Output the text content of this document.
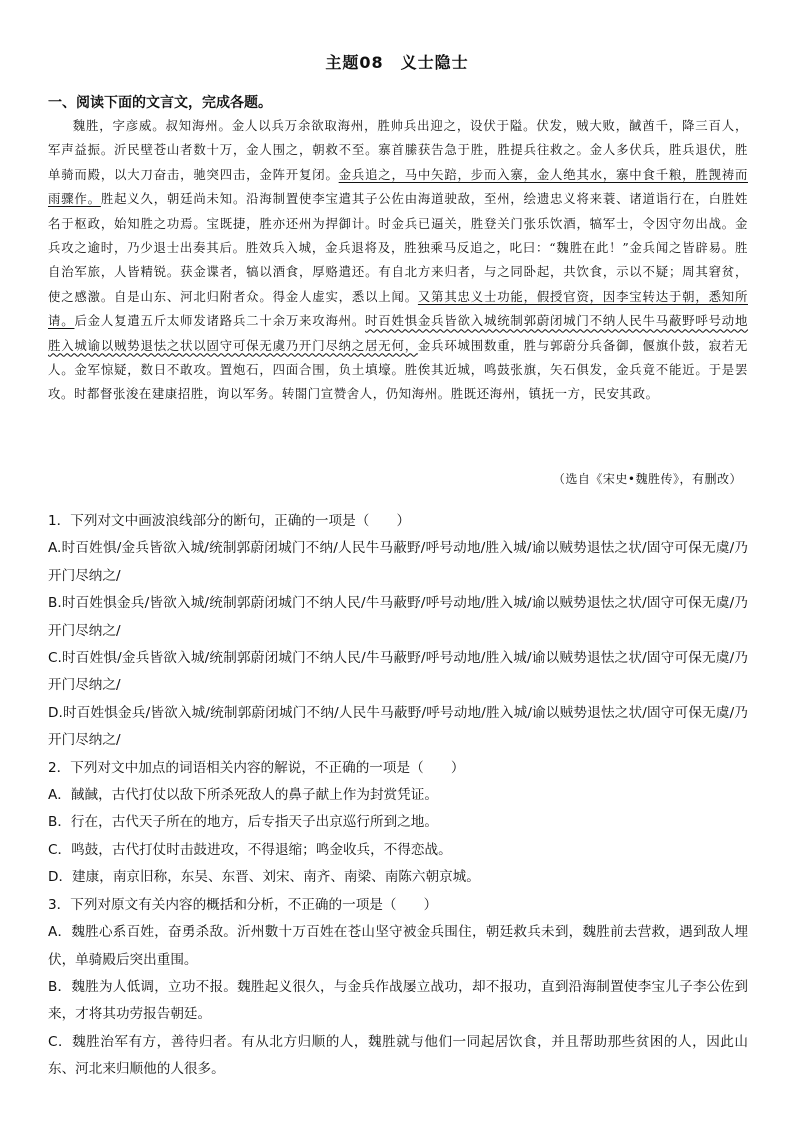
主题08　义士隐士
一、阅读下面的文言文，完成各题。
魏胜，字彦威。叔知海州。金人以兵万余欲取海州，胜帅兵出迎之，设伏于隘。伏发，贼大败，馘酋千，降三百人，军声益振。沂民壁苍山者数十万，金人围之，朝救不至。寨首縢获告急于胜，胜提兵往救之。金人多伏兵，胜兵退伏，胜单骑而殿，以大刀奋击，驰突四击，金阵开复闭。金兵追之，马中矢踣，步而入寨，金人绝其水，寨中食千粮，胜觊祷而雨骤作。胜起义久，朝廷尚未知。沿海制置使李宝遣其子公佐由海道驶敌，至州，绘遗忠义将来蓑、诸道诣行在，白胜姓名于枢政，始知胜之功焉。宝既捷，胜亦还州为捍御计。时金兵已逼关，胜登关门张乐饮酒，犒军士，令因守勿出战。金兵攻之逾时，乃少退士出奏其后。胜效兵入城，金兵退将及，胜独乘马反追之，叱曰：“魏胜在此！”金兵闻之皆辟易。胜自治军旅，人皆精锐。获金谍者，犒以酒食，厚赂遣还。有自北方来归者，与之同卧起，共饮食，示以不疑；周其窘贫，使之感激。自是山东、河北归附者众。得金人虚实，悉以上闻。又第其忠义士功能，假授官资，因李宝转达于朝，悉知所请。后金人复遣五斤太师发诸路兵二十余万来攻海州。时百姓惧金兵皆欲入城统制郭蔚闭城门不纳人民牛马蔽野呼号动地胜入城谕以贼势退怯之状以固守可保无虞乃开门尽纳之居无何，金兵环城围数重，胜与郭蔚分兵备御，偃旗仆鼓，寂若无人。金军惊疑，数日不敢攻。置炮石，四面合围，负土填壕。胜俟其近城，鸣鼓张旗，矢石俱发，金兵竟不能近。于是罢攻。时都督张浚在建康招胜，询以军务。转閤门宣赞舍人，仍知海州。胜既还海州，镇抚一方，民安其政。
（选自《宋史•魏胜传》，有删改）

1．下列对文中画波浪线部分的断句，正确的一项是（　　）

A.时百姓惧/金兵皆欲入城/统制郭蔚闭城门不纳/人民牛马蔽野/呼号动地/胜入城/谕以贼势退怯之状/固守可保无虞/乃开门尽纳之/

B.时百姓惧金兵/皆欲入城/统制郭蔚闭城门不纳人民/牛马蔽野/呼号动地/胜入城/谕以贼势退怯之状/固守可保无虞/乃开门尽纳之/

C.时百姓惧/金兵皆欲入城/统制郭蔚闭城门不纳人民/牛马蔽野/呼号动地/胜入城/谕以贼势退怯之状/固守可保无虞/乃开门尽纳之/

D.时百姓惧金兵/皆欲入城/统制郭蔚闭城门不纳/人民牛马蔽野/呼号动地/胜入城/谕以贼势退怯之状/固守可保无虞/乃开门尽纳之/

2．下列对文中加点的词语相关内容的解说，不正确的一项是（　　）

A．馘馘，古代打仗以敌下所杀死敌人的鼻子献上作为封赏凭证。

B．行在，古代天子所在的地方，后专指天子出京巡行所到之地。

C．鸣鼓，古代打仗时击鼓进攻，不得退缩；鸣金收兵，不得恋战。

D．建康，南京旧称，东吴、东晋、刘宋、南齐、南梁、南陈六朝京城。

3．下列对原文有关内容的概括和分析，不正确的一项是（　　）

A．魏胜心系百姓，奋勇杀敌。沂州數十万百姓在苍山坚守被金兵围住，朝廷救兵未到，魏胜前去营救，遇到敌人埋伏，单骑殿后突出重围。

B．魏胜为人低调，立功不报。魏胜起义很久，与金兵作战屡立战功，却不报功，直到沿海制置使李宝儿子李公佐到来，才将其功劳报告朝廷。

C．魏胜治军有方，善待归者。有从北方归顺的人，魏胜就与他们一同起居饮食，并且帮助那些贫困的人，因此山东、河北来归顺他的人很多。
